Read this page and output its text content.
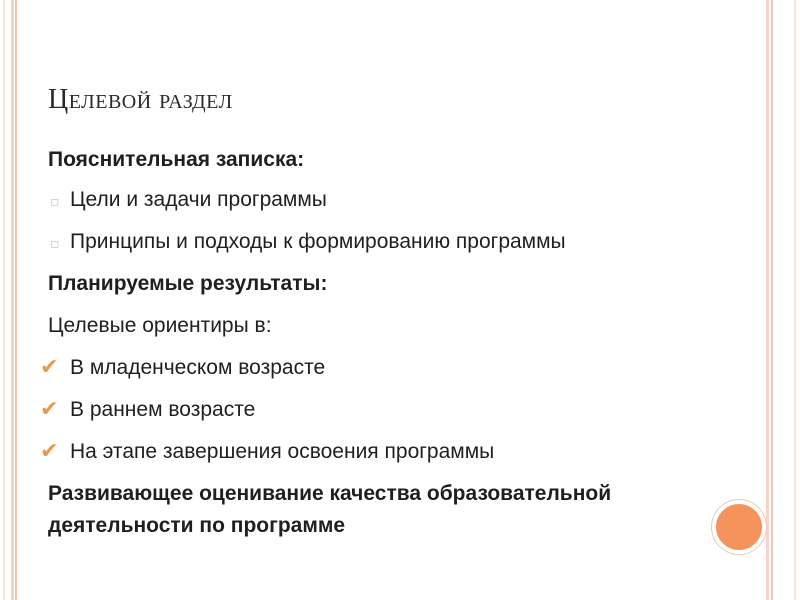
Целевой раздел
Пояснительная записка:
▫ Цели и задачи программы
▫ Принципы и подходы к формированию программы
Планируемые результаты:
Целевые ориентиры в:
✔ В младенческом возрасте
✔ В раннем возрасте
✔ На этапе завершения освоения программы
Развивающее оценивание качества образовательной деятельности по программе
